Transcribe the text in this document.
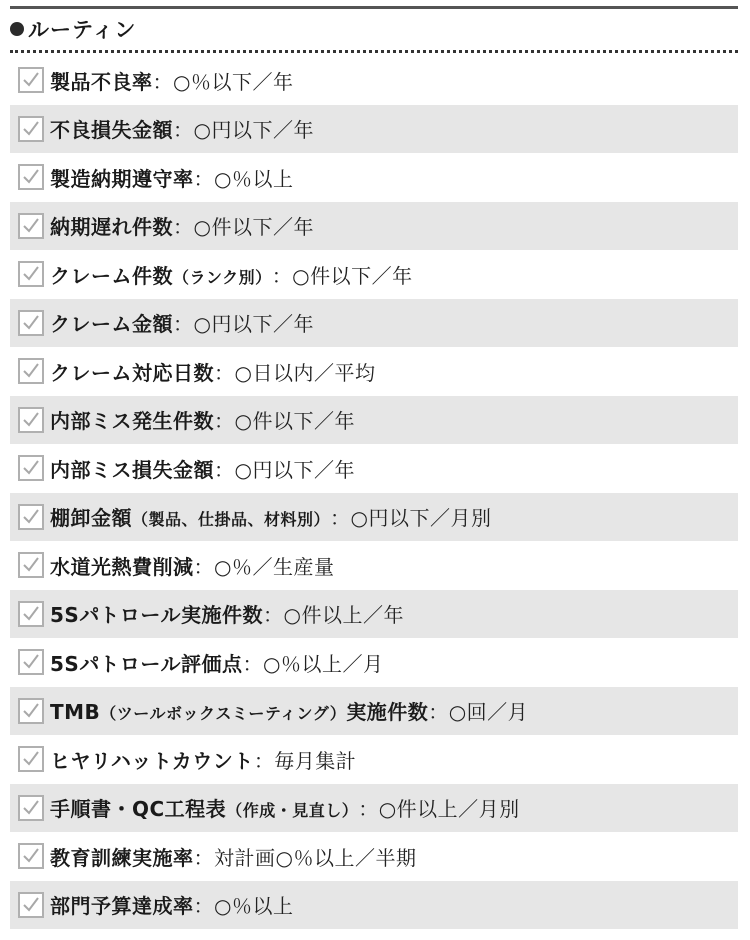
ルーティン
製品不良率 ：○％以下／年
不良損失金額 ：○円以下／年
製造納期遵守率 ：○％以上
納期遅れ件数 ：○件以下／年
クレーム件数（ランク別） ：○件以下／年
クレーム金額 ：○円以下／年
クレーム対応日数 ：○日以内／平均
内部ミス発生件数 ：○件以下／年
内部ミス損失金額 ：○円以下／年
棚卸金額（製品、仕掛品、材料別） ：○円以下／月別
水道光熱費削減 ：○％／生産量
5Sパトロール実施件数 ：○件以上／年
5Sパトロール評価点 ：○％以上／月
TMB（ツールボックスミーティング）実施件数 ：○回／月
ヒヤリハットカウント ：毎月集計
手順書・QC工程表（作成・見直し） ：○件以上／月別
教育訓練実施率 ：対計画○％以上／半期
部門予算達成率 ：○％以上
